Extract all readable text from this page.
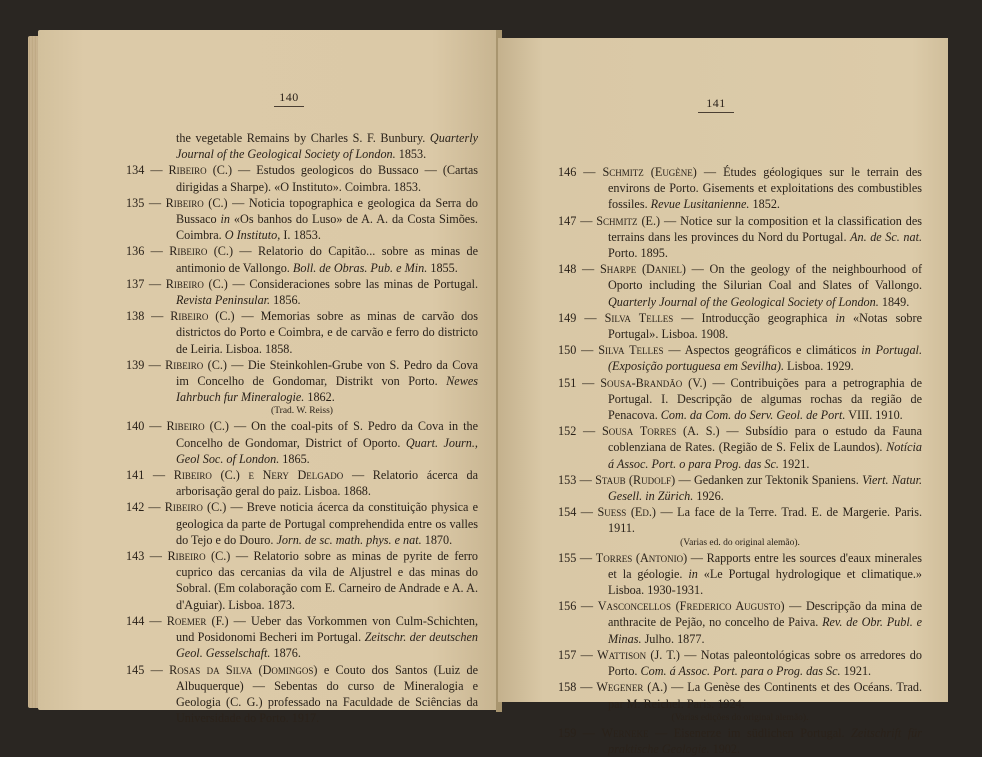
140
the vegetable Remains by Charles S. F. Bunbury. Quarterly Journal of the Geological Society of London. 1853.
134 — Ribeiro (C.) — Estudos geologicos do Bussaco — (Cartas dirigidas a Sharpe). «O Instituto». Coimbra. 1853.
135 — Ribeiro (C.) — Noticia topographica e geologica da Serra do Bussaco in «Os banhos do Luso» de A. A. da Costa Simões. Coimbra. O Instituto, I. 1853.
136 — Ribeiro (C.) — Relatorio do Capitão... sobre as minas de antimonio de Vallongo. Boll. de Obras. Pub. e Min. 1855.
137 — Ribeiro (C.) — Consideraciones sobre las minas de Portugal. Revista Peninsular. 1856.
138 — Ribeiro (C.) — Memorias sobre as minas de carvão dos districtos do Porto e Coimbra, e de carvão e ferro do districto de Leiria. Lisboa. 1858.
139 — Ribeiro (C.) — Die Steinkohlen-Grube von S. Pedro da Cova im Concelho de Gondomar, Distrikt von Porto. Newes Iahrbuch fur Mineralogie. 1862.
(Trad. W. Reiss)
140 — Ribeiro (C.) — On the coal-pits of S. Pedro da Cova in the Concelho de Gondomar, District of Oporto. Quart. Journ., Geol Soc. of London. 1865.
141 — Ribeiro (C.) e Nery Delgado — Relatorio ácerca da arborisação geral do paiz. Lisboa. 1868.
142 — Ribeiro (C.) — Breve noticia ácerca da constituição physica e geologica da parte de Portugal comprehendida entre os valles do Tejo e do Douro. Jorn. de sc. math. phys. e nat. 1870.
143 — Ribeiro (C.) — Relatorio sobre as minas de pyrite de ferro cuprico das cercanias da vila de Aljustrel e das minas do Sobral. (Em colaboração com E. Carneiro de Andrade e A. A. d'Aguiar). Lisboa. 1873.
144 — Roemer (F.) — Ueber das Vorkommen von Culm-Schichten, und Posidonomi Becheri im Portugal. Zeitschr. der deutschen Geol. Gesselschaft. 1876.
145 — Rosas da Silva (Domingos) e Couto dos Santos (Luiz de Albuquerque) — Sebentas do curso de Mineralogia e Geologia (C. G.) professado na Faculdade de Sciências da Universidade do Porto. 1917.
141
146 — Schmitz (Eugène) — Études géologiques sur le terrain des environs de Porto. Gisements et exploitations des combustibles fossiles. Revue Lusitanienne. 1852.
147 — Schmitz (E.) — Notice sur la composition et la classification des terrains dans les provinces du Nord du Portugal. An. de Sc. nat. Porto. 1895.
148 — Sharpe (Daniel) — On the geology of the neighbourhood of Oporto including the Silurian Coal and Slates of Vallongo. Quarterly Journal of the Geological Society of London. 1849.
149 — Silva Telles — Introducção geographica in «Notas sobre Portugal». Lisboa. 1908.
150 — Silva Telles — Aspectos geográficos e climáticos in Portugal. (Exposição portuguesa em Sevilha). Lisboa. 1929.
151 — Sousa-Brandão (V.) — Contribuições para a petrographia de Portugal. I. Descripção de algumas rochas da região de Penacova. Com. da Com. do Serv. Geol. de Port. VIII. 1910.
152 — Sousa Torres (A. S.) — Subsídio para o estudo da Fauna coblenziana de Rates. (Região de S. Felix de Laundos). Notícia á Assoc. Port. o para Prog. das Sc. 1921.
153 — Staub (Rudolf) — Gedanken zur Tektonik Spaniens. Viert. Natur. Gesell. in Zürich. 1926.
154 — Suess (Ed.) — La face de la Terre. Trad. E. de Margerie. Paris. 1911.
(Varias ed. do original alemão).
155 — Torres (Antonio) — Rapports entre les sources d'eaux minerales et la géologie. in «Le Portugal hydrologique et climatique.» Lisboa. 1930-1931.
156 — Vasconcellos (Frederico Augusto) — Descripção da mina de anthracite de Pejão, no concelho de Paiva. Rev. de Obr. Publ. e Minas. Julho. 1877.
157 — Wattison (J. T.) — Notas paleontológicas sobre os arredores do Porto. Com. á Assoc. Port. para o Prog. das Sc. 1921.
158 — Wegener (A.) — La Genèse des Continents et des Océans. Trad. par M. Reichel. Paris. 1924.
(Varias edições do original alemão).
159 — Werneke — Eisenerze im südlichen Portugal. Zeitschrift für praktische Geologie. 1902.
